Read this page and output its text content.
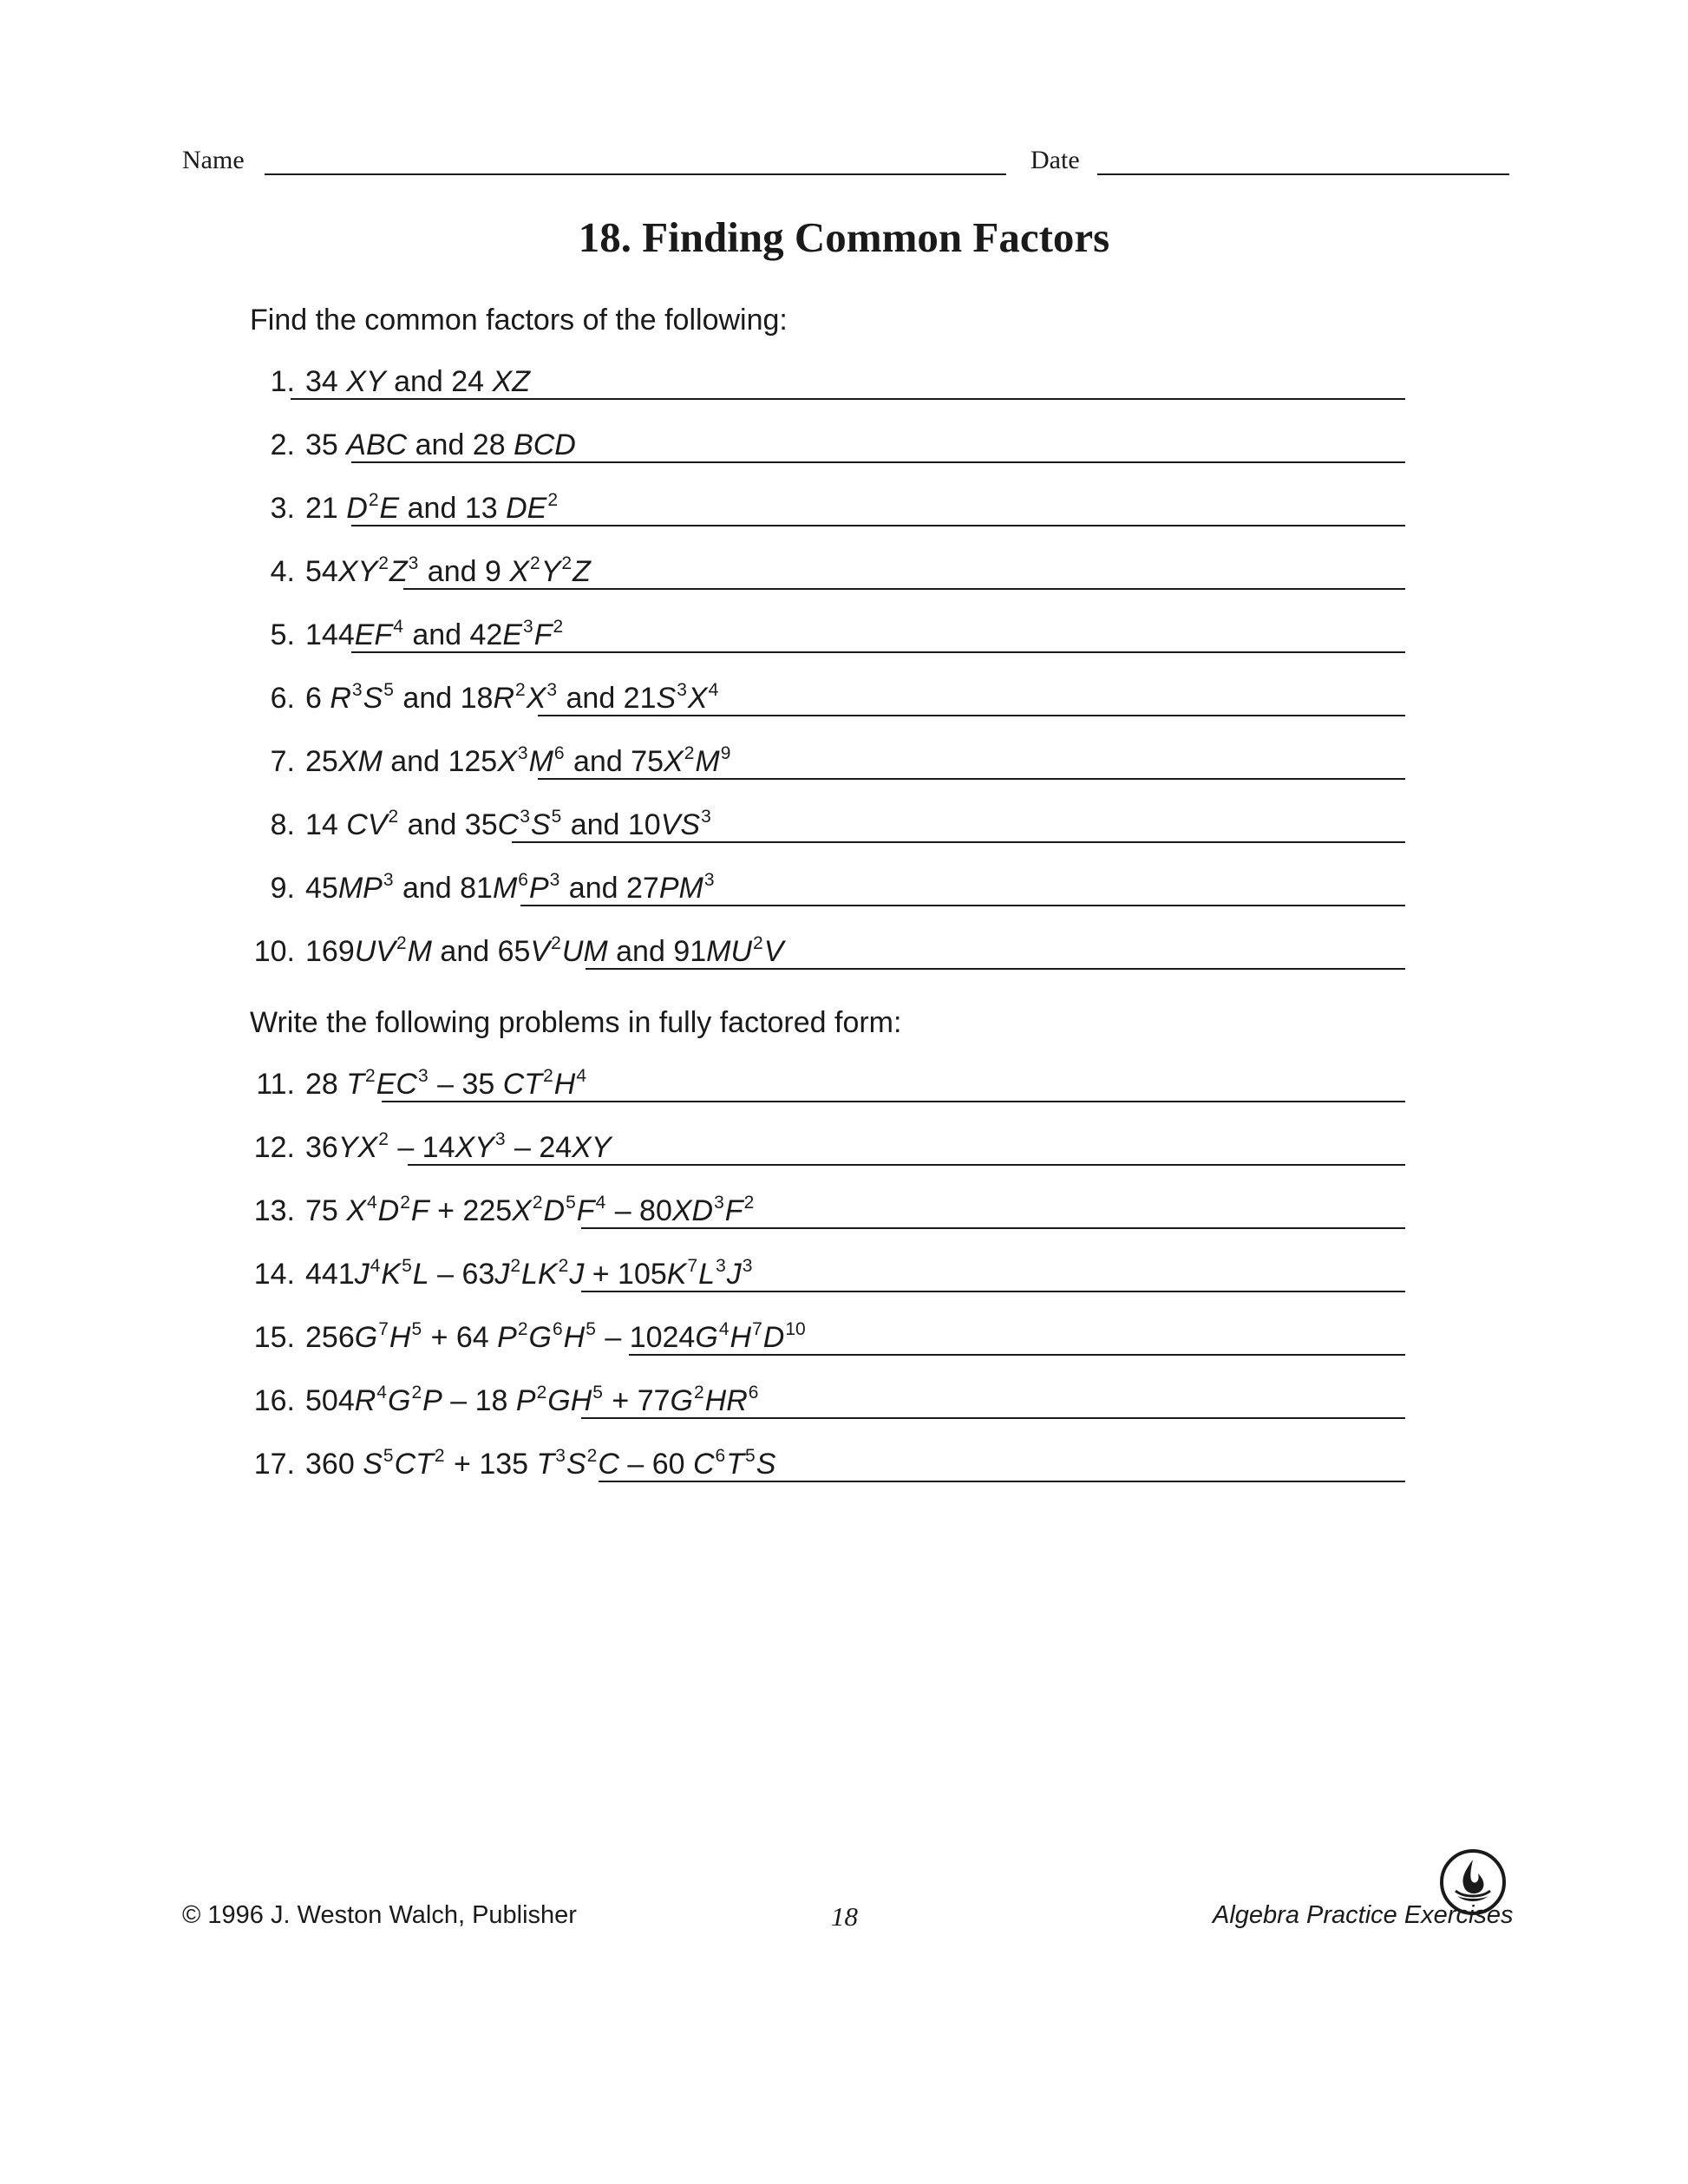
Name	Date
18. Finding Common Factors
Find the common factors of the following:
Write the following problems in fully factored form:
1. 34 XY and 24 XZ
2. 35 ABC and 28 BCD
3. 21 $D^2E$ and 13 $DE^2$
4. $54XY^2Z^3$ and 9 $X^2Y^2Z$
5. $144EF^4$ and $42E^3F^2$
6. 6 $R^3S^5$ and $18R^2X^3$ and $21S^3X^4$
7. 25XM and $125X^3M^6$ and $75X^2M^9$
8. 14 $CV^2$ and $35C^3S^5$ and $10VS^3$
9. $45MP^3$ and $81M^6P^3$ and $27PM^3$
10. $169UV^2M$ and $65V^2UM$ and $91MU^2V$
11. 28 $T^2EC^3 - 35$ $CT^2H^4$
12. $36YX^2 - 14XY^3 - 24XY$
13. 75 $X^4D^2F + 225X^2D^5F^4 - 80XD^3F^2$
14. $441J^4K^5L - 63J^2LK^2J + 105K^7L^3J^3$
15. $256G^7H^5 + 64$ $P^2G^6H^5 - 1024G^4H^7D^{10}$
16. $504R^4G^2P - 18$ $P^2GH^5 + 77G^2HR^6$
17. 360 $S^5CT^2 + 135$ $T^3S^2C - 60$ $C^6T^5S$
© 1996 J. Weston Walch, Publisher	18	Algebra Practice Exercises
